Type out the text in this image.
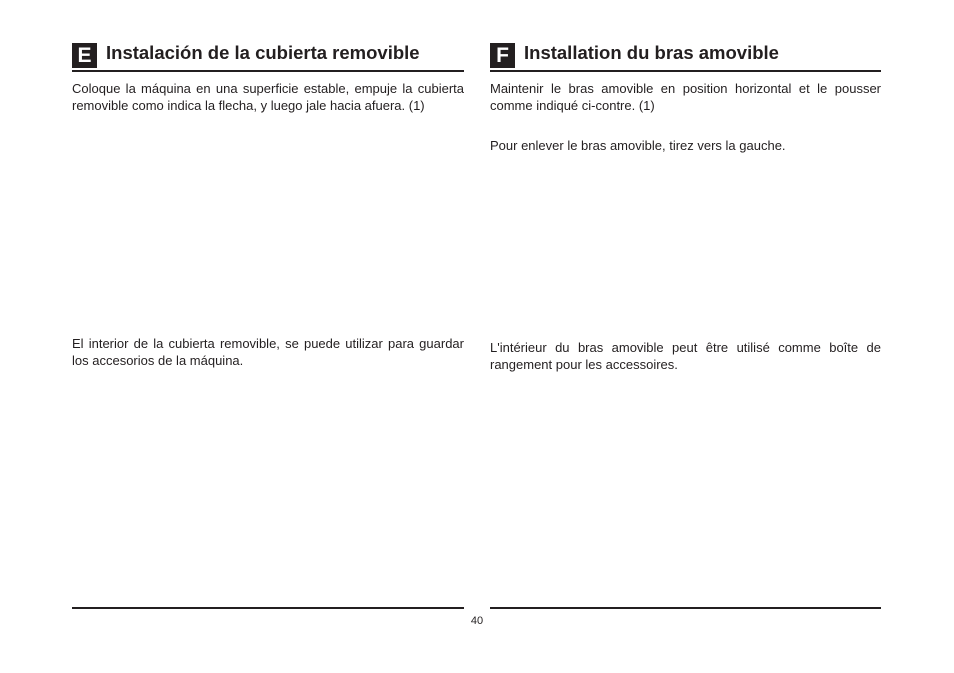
E Instalación de la cubierta removible

Coloque la máquina en una superficie estable, empuje la cubierta removible como indica la flecha, y luego jale hacia afuera. (1)

El interior de la cubierta removible, se puede utilizar para guardar los accesorios de la máquina.

F Installation du bras amovible

Maintenir le bras amovible en position horizontal et le pousser comme indiqué ci-contre. (1)

Pour enlever le bras amovible, tirez vers la gauche.

L'intérieur du bras amovible peut être utilisé comme boîte de rangement pour les accessoires.

40
